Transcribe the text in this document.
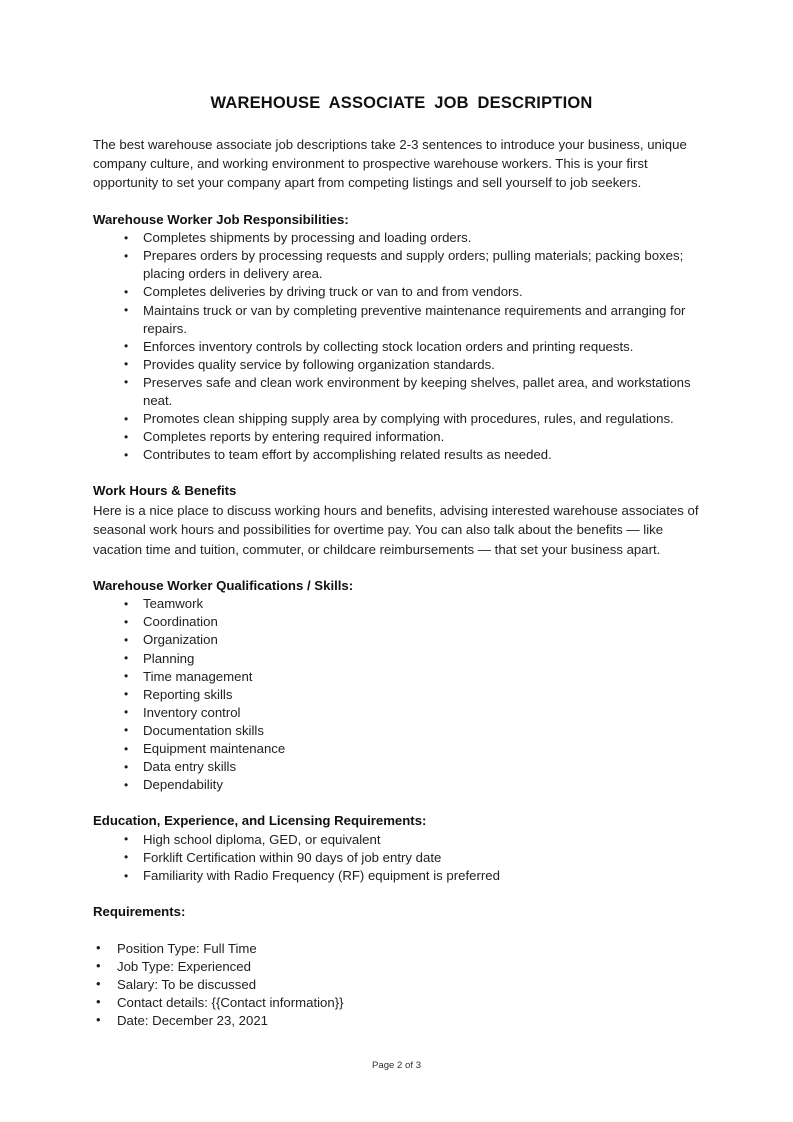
WAREHOUSE ASSOCIATE JOB DESCRIPTION

The best warehouse associate job descriptions take 2-3 sentences to introduce your business, unique company culture, and working environment to prospective warehouse workers. This is your first opportunity to set your company apart from competing listings and sell yourself to job seekers.

Warehouse Worker Job Responsibilities:
• Completes shipments by processing and loading orders.
• Prepares orders by processing requests and supply orders; pulling materials; packing boxes; placing orders in delivery area.
• Completes deliveries by driving truck or van to and from vendors.
• Maintains truck or van by completing preventive maintenance requirements and arranging for repairs.
• Enforces inventory controls by collecting stock location orders and printing requests.
• Provides quality service by following organization standards.
• Preserves safe and clean work environment by keeping shelves, pallet area, and workstations neat.
• Promotes clean shipping supply area by complying with procedures, rules, and regulations.
• Completes reports by entering required information.
• Contributes to team effort by accomplishing related results as needed.
Work Hours & Benefits

Here is a nice place to discuss working hours and benefits, advising interested warehouse associates of seasonal work hours and possibilities for overtime pay. You can also talk about the benefits — like vacation time and tuition, commuter, or childcare reimbursements — that set your business apart.

Warehouse Worker Qualifications / Skills:
• Teamwork
• Coordination
• Organization
• Planning
• Time management
• Reporting skills
• Inventory control
• Documentation skills
• Equipment maintenance
• Data entry skills
• Dependability
Education, Experience, and Licensing Requirements:
• High school diploma, GED, or equivalent
• Forklift Certification within 90 days of job entry date
• Familiarity with Radio Frequency (RF) equipment is preferred
Requirements:
• Position Type: Full Time
• Job Type: Experienced
• Salary: To be discussed
• Contact details: {{Contact information}}
• Date: December 23, 2021
Page 2 of 3
